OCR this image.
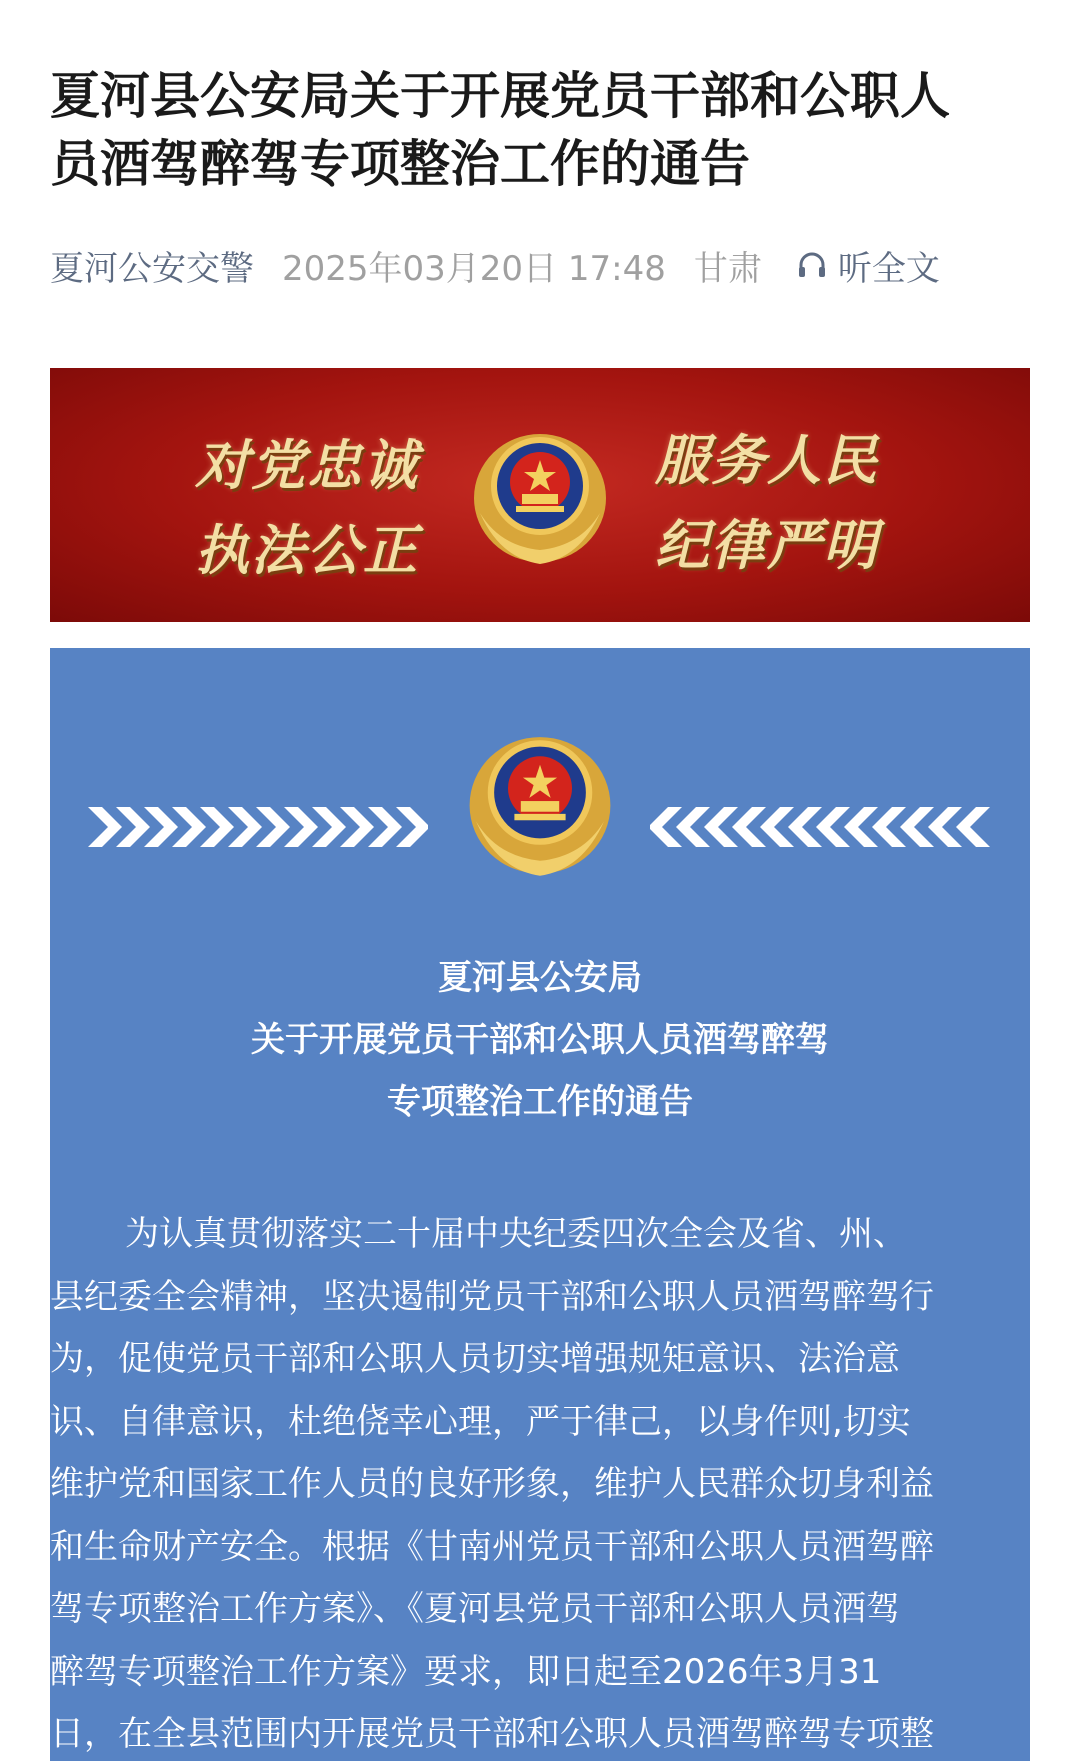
夏河县公安局关于开展党员干部和公职人
员酒驾醉驾专项整治工作的通告
夏河公安交警 2025年03月20日 17:48 甘肃 听全文
对党忠诚
执法公正
服务人民
纪律严明
夏河县公安局
关于开展党员干部和公职人员酒驾醉驾
专项整治工作的通告
为认真贯彻落实二十届中央纪委四次全会及省、州、
县纪委全会精神，坚决遏制党员干部和公职人员酒驾醉驾行
为，促使党员干部和公职人员切实增强规矩意识、法治意
识、自律意识，杜绝侥幸心理，严于律己，以身作则,切实
维护党和国家工作人员的良好形象，维护人民群众切身利益
和生命财产安全。根据《甘南州党员干部和公职人员酒驾醉
驾专项整治工作方案》、《夏河县党员干部和公职人员酒驾
醉驾专项整治工作方案》要求，即日起至2026年3月31
日，在全县范围内开展党员干部和公职人员酒驾醉驾专项整
